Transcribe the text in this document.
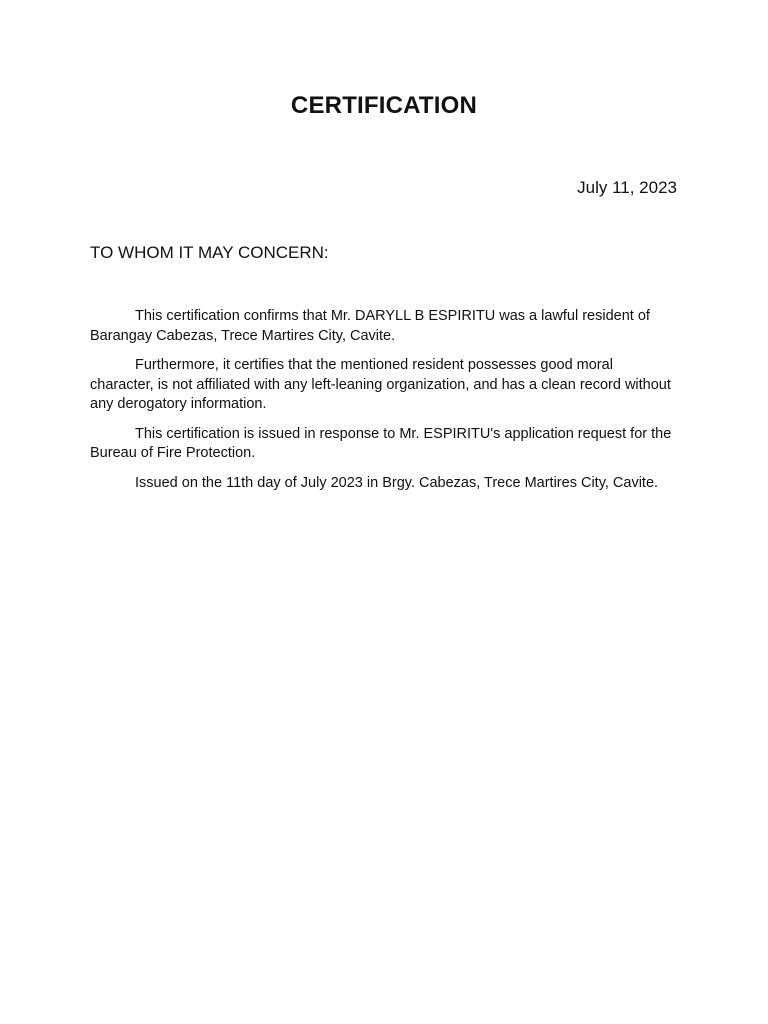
CERTIFICATION

July 11, 2023

TO WHOM IT MAY CONCERN:

This certification confirms that Mr. DARYLL B ESPIRITU was a lawful resident of Barangay Cabezas, Trece Martires City, Cavite.

Furthermore, it certifies that the mentioned resident possesses good moral character, is not affiliated with any left-leaning organization, and has a clean record without any derogatory information.

This certification is issued in response to Mr. ESPIRITU's application request for the Bureau of Fire Protection.

Issued on the 11th day of July 2023 in Brgy. Cabezas, Trece Martires City, Cavite.
